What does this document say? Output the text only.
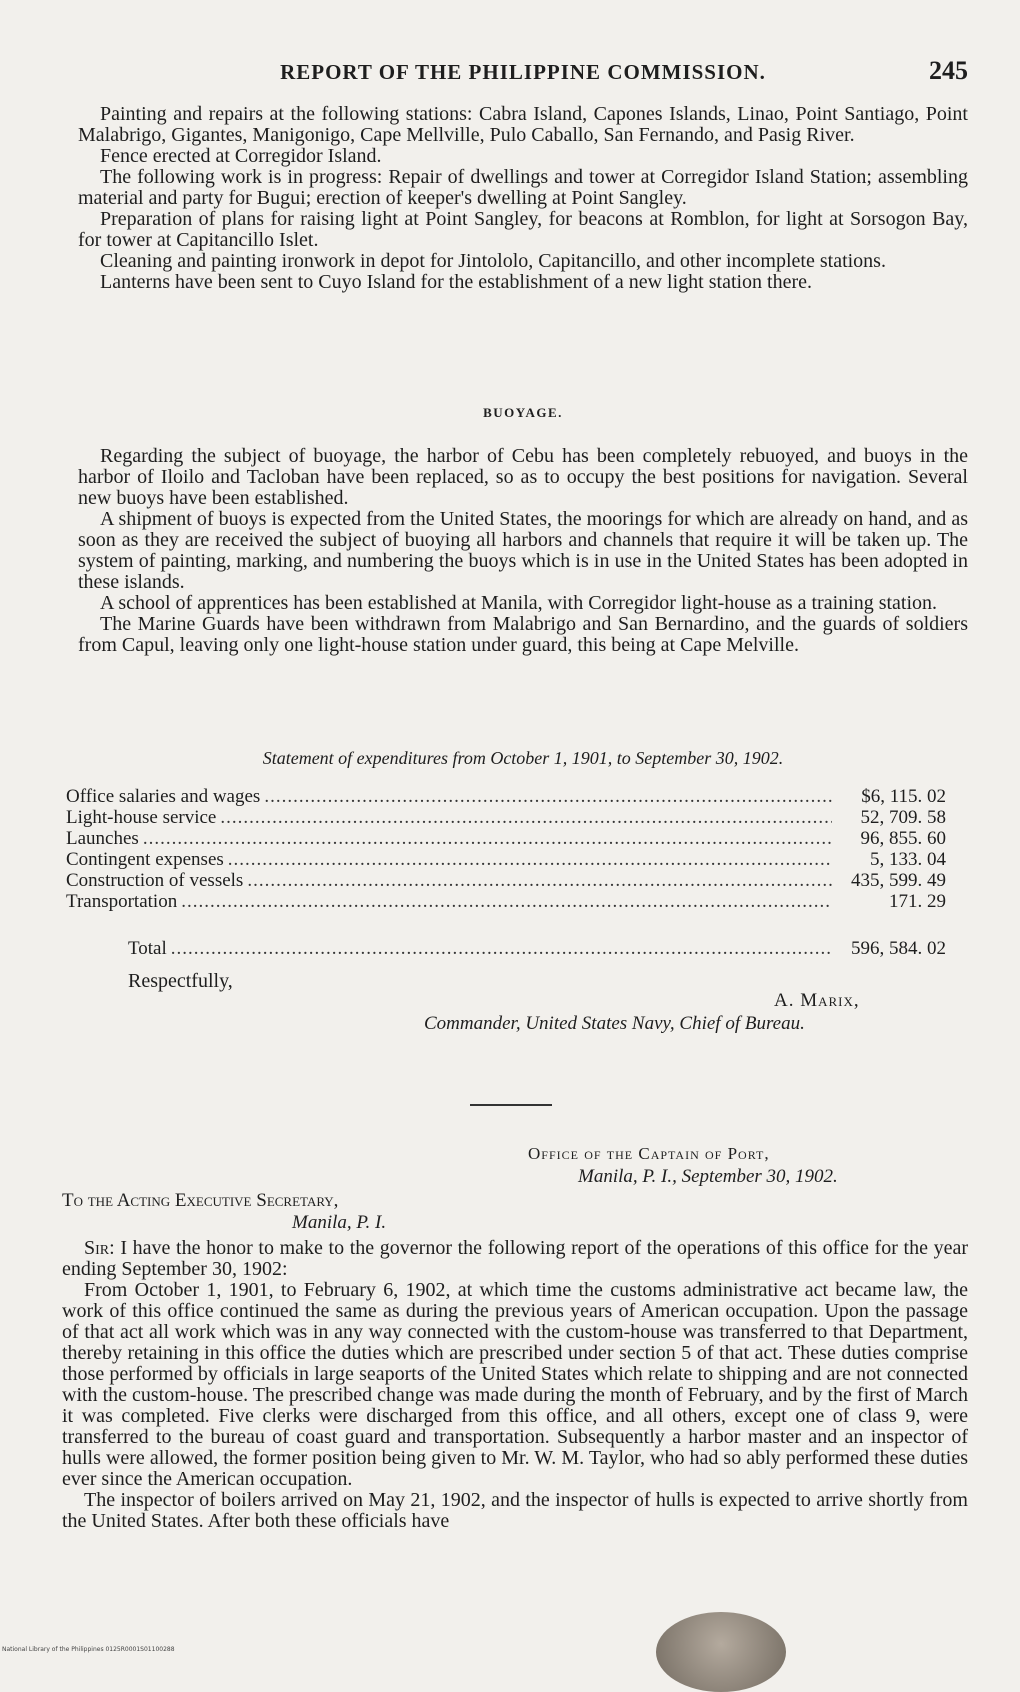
REPORT OF THE PHILIPPINE COMMISSION.	245

Painting and repairs at the following stations: Cabra Island, Capones Islands, Linao, Point Santiago, Point Malabrigo, Gigantes, Manigonigo, Cape Mellville, Pulo Caballo, San Fernando, and Pasig River.

Fence erected at Corregidor Island.

The following work is in progress: Repair of dwellings and tower at Corregidor Island Station; assembling material and party for Bugui; erection of keeper's dwelling at Point Sangley.

Preparation of plans for raising light at Point Sangley, for beacons at Romblon, for light at Sorsogon Bay, for tower at Capitancillo Islet.

Cleaning and painting ironwork in depot for Jintololo, Capitancillo, and other incomplete stations.

Lanterns have been sent to Cuyo Island for the establishment of a new light station there.

BUOYAGE.

Regarding the subject of buoyage, the harbor of Cebu has been completely rebuoyed, and buoys in the harbor of Iloilo and Tacloban have been replaced, so as to occupy the best positions for navigation. Several new buoys have been established.

A shipment of buoys is expected from the United States, the moorings for which are already on hand, and as soon as they are received the subject of buoying all harbors and channels that require it will be taken up. The system of painting, marking, and numbering the buoys which is in use in the United States has been adopted in these islands.

A school of apprentices has been established at Manila, with Corregidor light-house as a training station.

The Marine Guards have been withdrawn from Malabrigo and San Bernardino, and the guards of soldiers from Capul, leaving only one light-house station under guard, this being at Cape Melville.

Statement of expenditures from October 1, 1901, to September 30, 1902.
Office salaries and wages .....	$6, 115. 02
Light-house service .....	52, 709. 58
Launches .....	96, 855. 60
Contingent expenses .....	5, 133. 04
Construction of vessels .....	435, 599. 49
Transportation .....	171. 29
Total .....	596, 584. 02
Respectfully,
A. Marix,
Commander, United States Navy, Chief of Bureau.
Office of the Captain of Port,
Manila, P. I., September 30, 1902.
To the Acting Executive Secretary,
Manila, P. I.

Sir: I have the honor to make to the governor the following report of the operations of this office for the year ending September 30, 1902:

From October 1, 1901, to February 6, 1902, at which time the customs administrative act became law, the work of this office continued the same as during the previous years of American occupation. Upon the passage of that act all work which was in any way connected with the custom-house was transferred to that Department, thereby retaining in this office the duties which are prescribed under section 5 of that act. These duties comprise those performed by officials in large seaports of the United States which relate to shipping and are not connected with the custom-house. The prescribed change was made during the month of February, and by the first of March it was completed. Five clerks were discharged from this office, and all others, except one of class 9, were transferred to the bureau of coast guard and transportation. Subsequently a harbor master and an inspector of hulls were allowed, the former position being given to Mr. W. M. Taylor, who had so ably performed these duties ever since the American occupation.

The inspector of boilers arrived on May 21, 1902, and the inspector of hulls is expected to arrive shortly from the United States. After both these officials have

National Library of the Philippines 0125R0001S01100288
